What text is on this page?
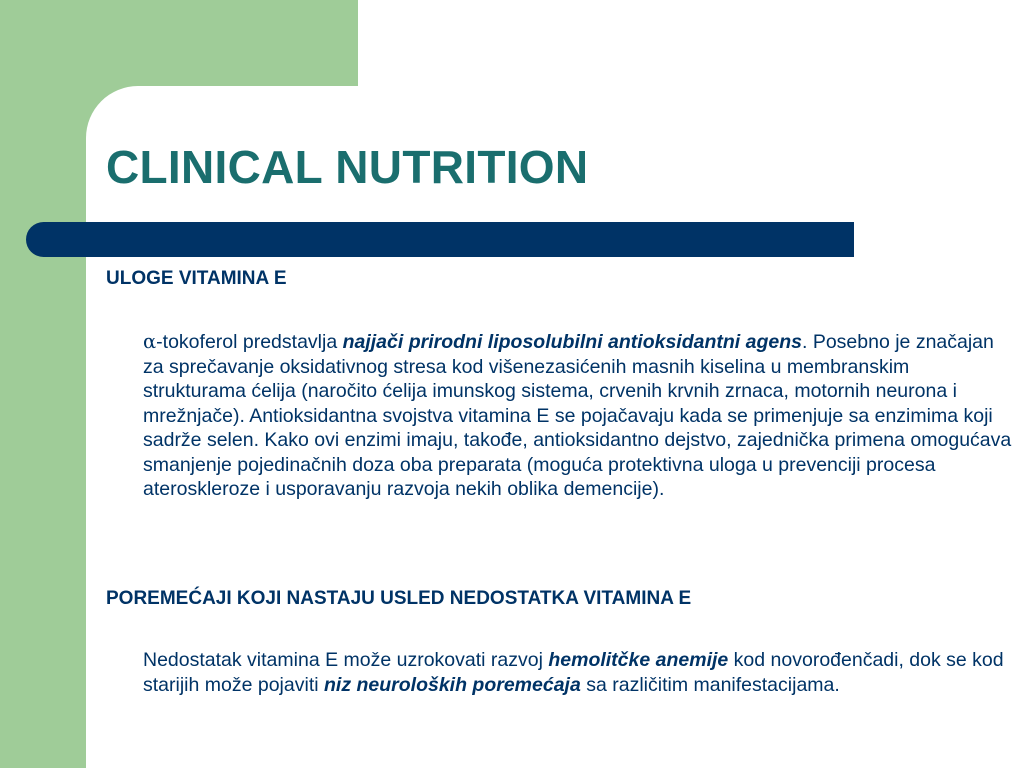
CLINICAL NUTRITION
ULOGE VITAMINA E

α-tokoferol predstavlja najjači prirodni liposolubilni antioksidantni agens. Posebno je značajan za sprečavanje oksidativnog stresa kod višenezasićenih masnih kiselina u membranskim strukturama ćelija (naročito ćelija imunskog sistema, crvenih krvnih zrnaca, motornih neurona i mrežnjače). Antioksidantna svojstva vitamina E se pojačavaju kada se primenjuje sa enzimima koji sadrže selen. Kako ovi enzimi imaju, takođe, antioksidantno dejstvo, zajednička primena omogućava smanjenje pojedinačnih doza oba preparata (moguća protektivna uloga u prevenciji procesa ateroskleroze i usporavanju razvoja nekih oblika demencije).

POREMEĆAJI KOJI NASTAJU USLED NEDOSTATKA VITAMINA E

Nedostatak vitamina E može uzrokovati razvoj hemolitčke anemije kod novorođenčadi, dok se kod starijih može pojaviti niz neuroloških poremećaja sa različitim manifestacijama.
